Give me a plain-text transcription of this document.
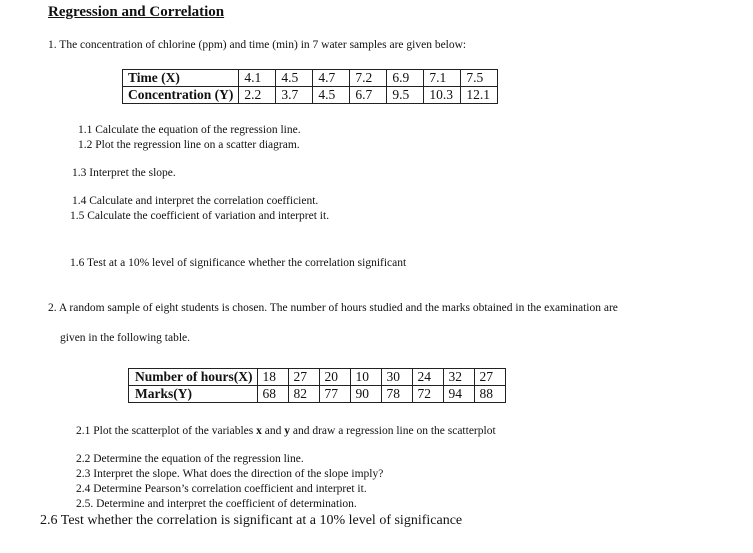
Regression and Correlation
1. The concentration of chlorine (ppm) and time (min) in 7 water samples are given below:
Time (X)	4.1	4.5	4.7	7.2	6.9	7.1	7.5
Concentration (Y)	2.2	3.7	4.5	6.7	9.5	10.3	12.1
1.1 Calculate the equation of the regression line.
1.2 Plot the regression line on a scatter diagram.
1.3 Interpret the slope.
1.4 Calculate and interpret the correlation coefficient.
1.5 Calculate the coefficient of variation and interpret it.
1.6 Test at a 10% level of significance whether the correlation significant
2. A random sample of eight students is chosen. The number of hours studied and the marks obtained in the examination are
given in the following table.
Number of hours(X)	18	27	20	10	30	24	32	27
Marks(Y)	68	82	77	90	78	72	94	88
2.1 Plot the scatterplot of the variables x and y and draw a regression line on the scatterplot
2.2 Determine the equation of the regression line.
2.3 Interpret the slope. What does the direction of the slope imply?
2.4 Determine Pearson’s correlation coefficient and interpret it.
2.5. Determine and interpret the coefficient of determination.
2.6 Test whether the correlation is significant at a 10% level of significance
